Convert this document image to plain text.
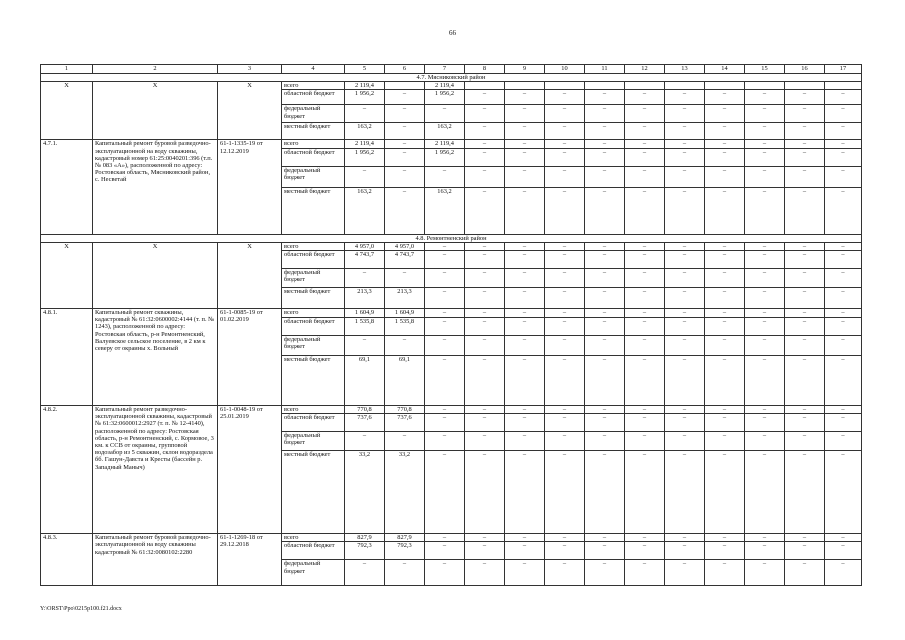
66
1	2	3	4	5	6	7	8	9	10	11	12	13	14	15	16	17
4.7. Мясниковский район																
X	X	X	всего	2 119,4		2 119,4										
			областной бюджет	1 956,2	–	1 956,2	–	–	–	–	–	–	–	–	–	–
			федеральный бюджет	–	–	–	–	–	–	–	–	–	–	–	–	–
			местный бюджет	163,2	–	163,2	–	–	–	–	–	–	–	–	–	–
4.7.1.	Капитальный ремонт буровой разведочно-эксплуатационной на воду скважины, кадастровый номер 61:25:0040201:396 (т.п. № 083 «А»), расположенной по адресу: Ростовская область, Мясниковский район, с. Несветай	61-1-1335-19 от 12.12.2019	всего	2 119,4	–	2 119,4	–	–	–	–	–	–	–	–	–	–
			областной бюджет	1 956,2	–	1 956,2	–	–	–	–	–	–	–	–	–	–
			федеральный бюджет	–	–	–	–	–	–	–	–	–	–	–	–	–
			местный бюджет	163,2	–	163,2	–	–	–	–	–	–	–	–	–	–
4.8. Ремонтненский район																
X	X	X	всего	4 957,0	4 957,0	–	–	–	–	–	–	–	–	–	–	–
			областной бюджет	4 743,7	4 743,7	–	–	–	–	–	–	–	–	–	–	–
			федеральный бюджет	–	–	–	–	–	–	–	–	–	–	–	–	–
			местный бюджет	213,3	213,3	–	–	–	–	–	–	–	–	–	–	–
4.8.1.	Капитальный ремонт скважины, кадастровый № 61:32:0600002:4144 (т. п. № 1243), расположенной по адресу: Ростовская область, р-н Ремонтненский, Валуевское сельское поселение, в 2 км к северу от окраины х. Вольный	61-1-0085-19 от 01.02.2019	всего	1 604,9	1 604,9	–	–	–	–	–	–	–	–	–	–	–
			областной бюджет	1 535,8	1 535,8	–	–	–	–	–	–	–	–	–	–	–
			федеральный бюджет	–	–	–	–	–	–	–	–	–	–	–	–	–
			местный бюджет	69,1	69,1	–	–	–	–	–	–	–	–	–	–	–
4.8.2.	Капитальный ремонт разведочно-эксплуатационной скважины, кадастровый № 61:32:0600012:2927 (т. п. № 12-4140), расположенной по адресу: Ростовская область, р-н Ремонтненский, с. Кормовое, 3 км. к ССВ от окраины, групповой водозабор из 5 скважин, склон водораздела бб. Гашун-Давста и Кресты (бассейн р. Западный Маныч)	61-1-0048-19 от 25.01.2019	всего	770,8	770,8	–	–	–	–	–	–	–	–	–	–	–
			областной бюджет	737,6	737,6	–	–	–	–	–	–	–	–	–	–	–
			федеральный бюджет	–	–	–	–	–	–	–	–	–	–	–	–	–
			местный бюджет	33,2	33,2	–	–	–	–	–	–	–	–	–	–	–
4.8.3.	Капитальный ремонт буровой разведочно-эксплуатационной на воду скважины кадастровый № 61:32:0080102:2280	61-1-1269-18 от 29.12.2018	всего	827,9	827,9	–	–	–	–	–	–	–	–	–	–	–
			областной бюджет	792,3	792,3	–	–	–	–	–	–	–	–	–	–	–
			федеральный бюджет	–	–	–	–	–	–	–	–	–	–	–	–	–
Y:\ORST\Ppo\0215p100.f21.docx
